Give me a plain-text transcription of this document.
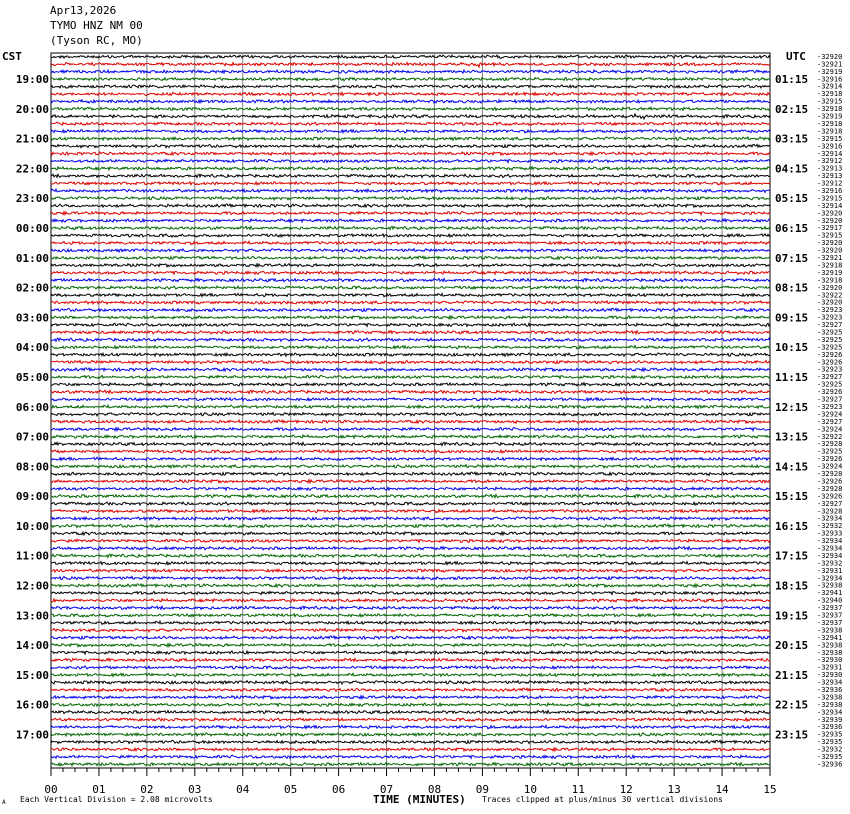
Apr13,2026
TYMO HNZ NM 00
(Tyson RC, MO)
CST	UTC -32920
-32921
-32919
-32916
-32914
-32918
-32915
-32918
-32919
-32918
-32918
-32915
-32916
-32914
-32912
-32913
-32913
-32912
-32916
-32915
-32914
-32920
-32920
-32917
-32915
-32920
-32920
-32921
-32918
-32919
-32918
-32920
-32922
-32920
-32923
-32923
-32927
-32925
-32925
-32925
-32926
-32926
-32923
-32927
-32925
-32926
-32927
-32923
-32924
-32927
-32924
-32922
-32928
-32925
-32926
-32924
-32928
-32926
-32928
-32926
-32927
-32928
-32934
-32932
-32933
-32934
-32934
-32934
-32932
-32931
-32934
-32938
-32941
-32940
-32937
-32937
-32937
-32938
-32941
-32938
-32938
-32930
-32931
-32930
-32934
-32936
-32938
-32938
-32934
-32939
-32936
-32935
-32935
-32932
-32935
-32936
19:00
20:00
21:00
22:00
23:00
00:00
01:00
02:00
03:00
04:00
05:00
06:00
07:00
08:00
09:00
10:00
11:00
12:00
13:00
14:00
15:00
16:00
17:00
01:15
02:15
03:15
04:15
05:15
06:15
07:15
08:15
09:15
10:15
11:15
12:15
13:15
14:15
15:15
16:15
17:15
18:15
19:15
20:15
21:15
22:15
23:15
00	01	02	03	04	05	06	07	08	09	10	11	12	13	14	15
A Each Vertical Division = 2.08 microvolts	TIME (MINUTES) Traces clipped at plus/minus 30 vertical divisions
